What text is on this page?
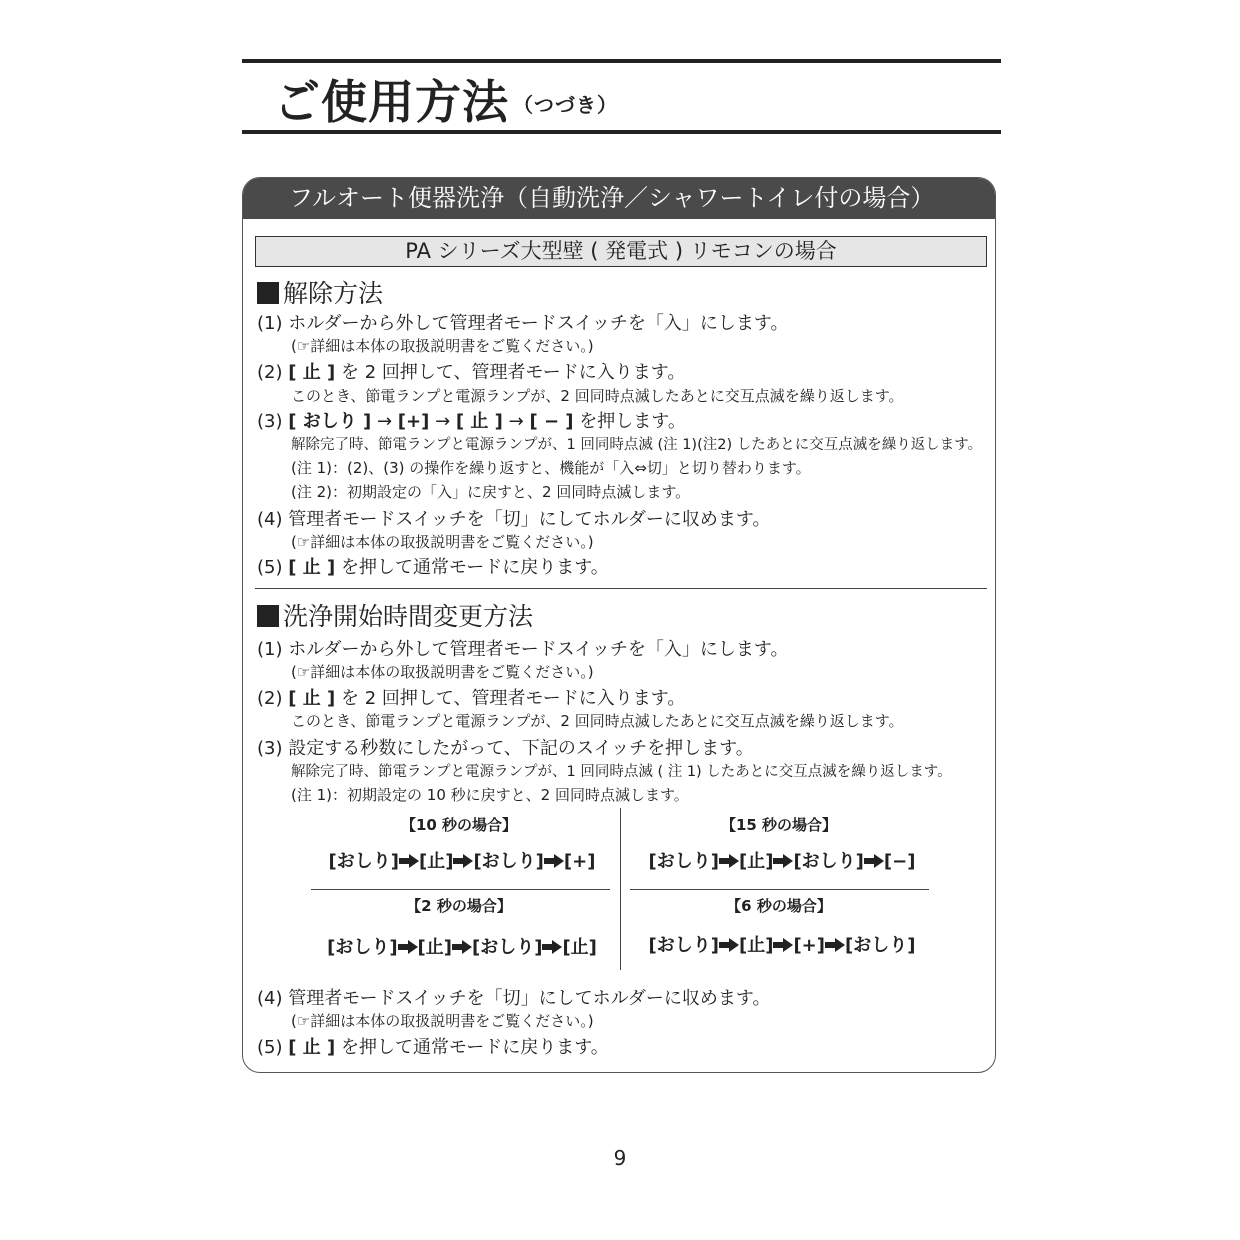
ご使用方法 $^{(つづき)}$
フルオート便器洗浄（自動洗浄／シャワートイレ付の場合）
PA シリーズ大型壁 ( 発電式 ) リモコンの場合
解除方法
(1) ホルダーから外して管理者モードスイッチを「入」にします。
(☞詳細は本体の取扱説明書をご覧ください。)
(2) [ 止 ] を 2 回押して、管理者モードに入ります。
このとき、節電ランプと電源ランプが、2 回同時点滅したあとに交互点滅を繰り返します。
(3) [ おしり ] → [+] → [ 止 ] → [ − ] を押します。
解除完了時、節電ランプと電源ランプが、1 回同時点滅 (注 1)(注2) したあとに交互点滅を繰り返します。
(注 1)：(2)、(3) の操作を繰り返すと、機能が「入⇔切」と切り替わります。
(注 2)：初期設定の「入」に戻すと、2 回同時点滅します。
(4) 管理者モードスイッチを「切」にしてホルダーに収めます。
(☞詳細は本体の取扱説明書をご覧ください。)
(5) [ 止 ] を押して通常モードに戻ります。
洗浄開始時間変更方法
(1) ホルダーから外して管理者モードスイッチを「入」にします。
(☞詳細は本体の取扱説明書をご覧ください。)
(2) [ 止 ] を 2 回押して、管理者モードに入ります。
このとき、節電ランプと電源ランプが、2 回同時点滅したあとに交互点滅を繰り返します。
(3) 設定する秒数にしたがって、下記のスイッチを押します。
解除完了時、節電ランプと電源ランプが、1 回同時点滅 ( 注 1) したあとに交互点滅を繰り返します。
(注 1)：初期設定の 10 秒に戻すと、2 回同時点滅します。
【10 秒の場合】
[おしり] [止] [おしり] [+]
【15 秒の場合】
[おしり] [止] [おしり] [−]
【2 秒の場合】
[おしり] [止] [おしり] [止]
【6 秒の場合】
[おしり] [止] [+] [おしり]
(4) 管理者モードスイッチを「切」にしてホルダーに収めます。
(☞詳細は本体の取扱説明書をご覧ください。)
(5) [ 止 ] を押して通常モードに戻ります。
9
